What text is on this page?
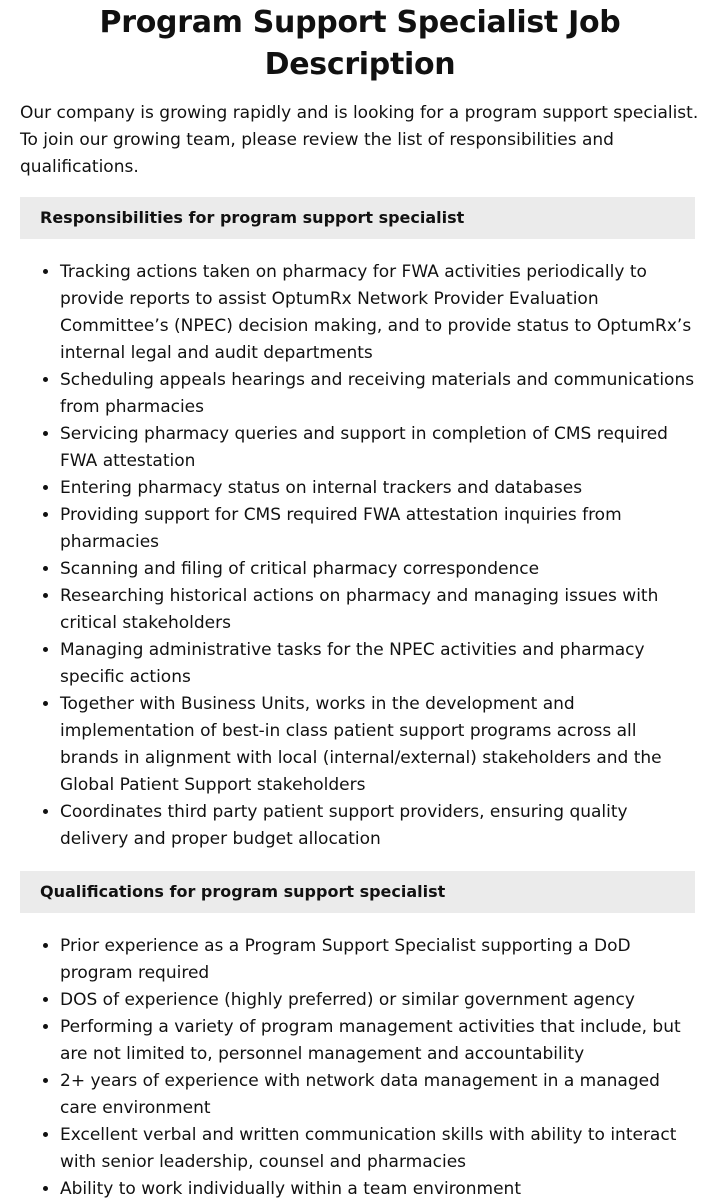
Program Support Specialist Job Description

Our company is growing rapidly and is looking for a program support specialist. To join our growing team, please review the list of responsibilities and qualifications.

Responsibilities for program support specialist
• Tracking actions taken on pharmacy for FWA activities periodically to provide reports to assist OptumRx Network Provider Evaluation Committee’s (NPEC) decision making, and to provide status to OptumRx’s internal legal and audit departments
• Scheduling appeals hearings and receiving materials and communications from pharmacies
• Servicing pharmacy queries and support in completion of CMS required FWA attestation
• Entering pharmacy status on internal trackers and databases
• Providing support for CMS required FWA attestation inquiries from pharmacies
• Scanning and filing of critical pharmacy correspondence
• Researching historical actions on pharmacy and managing issues with critical stakeholders
• Managing administrative tasks for the NPEC activities and pharmacy specific actions
• Together with Business Units, works in the development and implementation of best-in class patient support programs across all brands in alignment with local (internal/external) stakeholders and the Global Patient Support stakeholders
• Coordinates third party patient support providers, ensuring quality delivery and proper budget allocation
Qualifications for program support specialist
• Prior experience as a Program Support Specialist supporting a DoD program required
• DOS of experience (highly preferred) or similar government agency
• Performing a variety of program management activities that include, but are not limited to, personnel management and accountability
• 2+ years of experience with network data management in a managed care environment
• Excellent verbal and written communication skills with ability to interact with senior leadership, counsel and pharmacies
• Ability to work individually within a team environment
